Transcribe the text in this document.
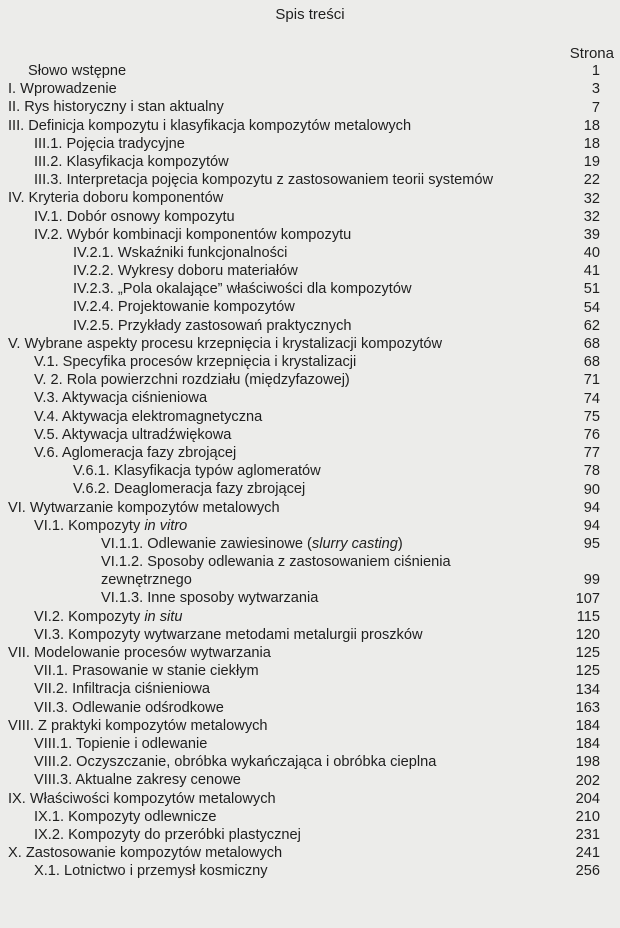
Spis treści
Strona
Słowo wstępne	1
I. Wprowadzenie	3
II. Rys historyczny i stan aktualny	7
III. Definicja kompozytu i klasyfikacja kompozytów metalowych	18
III.1. Pojęcia tradycyjne	18
III.2. Klasyfikacja kompozytów	19
III.3. Interpretacja pojęcia kompozytu z zastosowaniem teorii systemów	22
IV. Kryteria doboru komponentów	32
IV.1. Dobór osnowy kompozytu	32
IV.2. Wybór kombinacji komponentów kompozytu	39
IV.2.1. Wskaźniki funkcjonalności	40
IV.2.2. Wykresy doboru materiałów	41
IV.2.3. „Pola okalające” właściwości dla kompozytów	51
IV.2.4. Projektowanie kompozytów	54
IV.2.5. Przykłady zastosowań praktycznych	62
V. Wybrane aspekty procesu krzepnięcia i krystalizacji kompozytów	68
V.1. Specyfika procesów krzepnięcia i krystalizacji	68
V. 2. Rola powierzchni rozdziału (międzyfazowej)	71
V.3. Aktywacja ciśnieniowa	74
V.4. Aktywacja elektromagnetyczna	75
V.5. Aktywacja ultradźwiękowa	76
V.6. Aglomeracja fazy zbrojącej	77
V.6.1. Klasyfikacja typów aglomeratów	78
V.6.2. Deaglomeracja fazy zbrojącej	90
VI. Wytwarzanie kompozytów metalowych	94
VI.1. Kompozyty in vitro	94
VI.1.1. Odlewanie zawiesinowe (slurry casting)	95
VI.1.2. Sposoby odlewania z zastosowaniem ciśnienia zewnętrznego	99
VI.1.3. Inne sposoby wytwarzania	107
VI.2. Kompozyty in situ	115
VI.3. Kompozyty wytwarzane metodami metalurgii proszków	120
VII. Modelowanie procesów wytwarzania	125
VII.1. Prasowanie w stanie ciekłym	125
VII.2. Infiltracja ciśnieniowa	134
VII.3. Odlewanie odśrodkowe	163
VIII. Z praktyki kompozytów metalowych	184
VIII.1. Topienie i odlewanie	184
VIII.2. Oczyszczanie, obróbka wykańczająca i obróbka cieplna	198
VIII.3. Aktualne zakresy cenowe	202
IX. Właściwości kompozytów metalowych	204
IX.1. Kompozyty odlewnicze	210
IX.2. Kompozyty do przeróbki plastycznej	231
X. Zastosowanie kompozytów metalowych	241
X.1. Lotnictwo i przemysł kosmiczny	256
